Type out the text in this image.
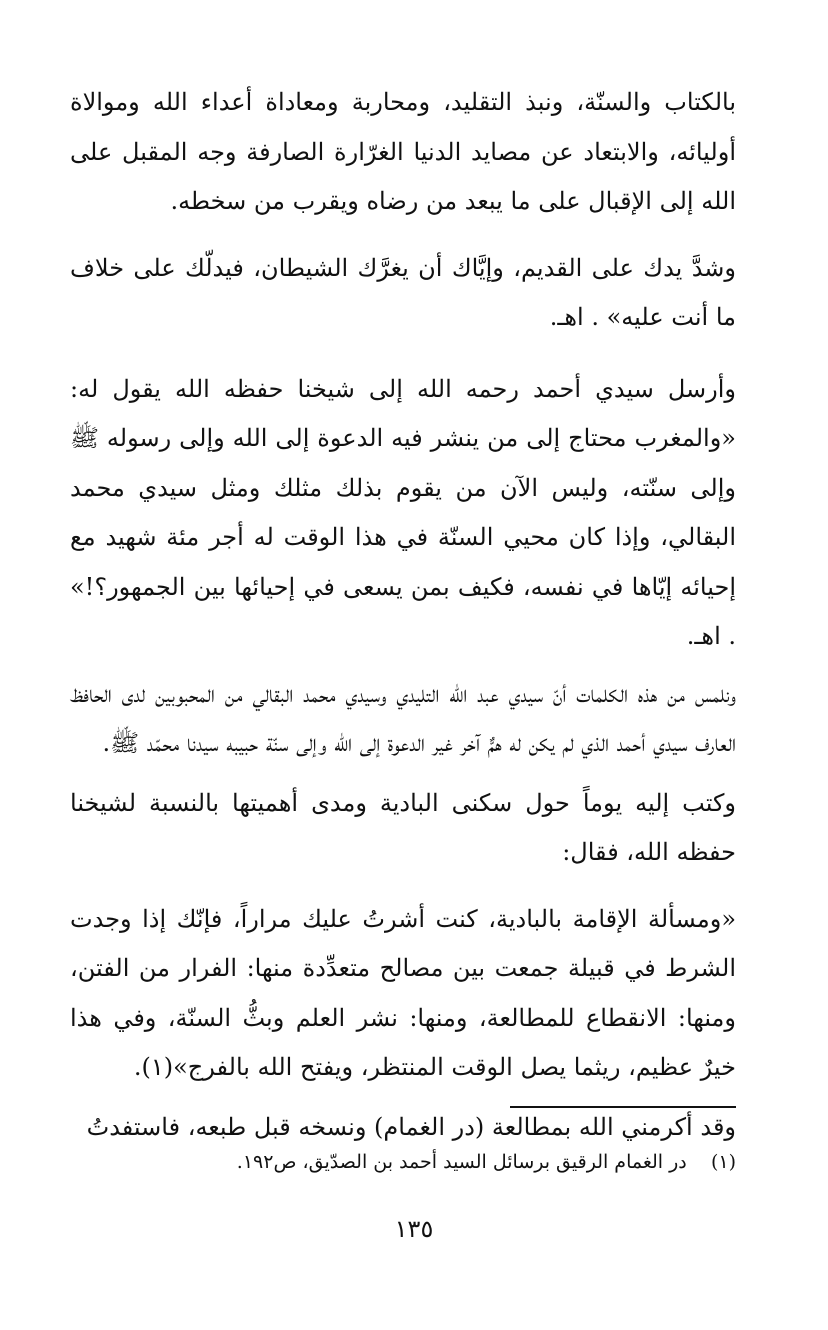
بالكتاب والسنّة، ونبذ التقليد، ومحاربة ومعاداة أعداء الله وموالاة أوليائه، والابتعاد عن مصايد الدنيا الغرّارة الصارفة وجه المقبل على الله إلى الإقبال على ما يبعد من رضاه ويقرب من سخطه.

وشدَّ يدك على القديم، وإيَّاك أن يغرَّك الشيطان، فيدلّك على خلاف ما أنت عليه» . اهـ.

وأرسل سيدي أحمد رحمه الله إلى شيخنا حفظه الله يقول له: «والمغرب محتاج إلى من ينشر فيه الدعوة إلى الله وإلى رسوله ﷺ وإلى سنّته، وليس الآن من يقوم بذلك مثلك ومثل سيدي محمد البقالي، وإذا كان محيي السنّة في هذا الوقت له أجر مئة شهيد مع إحيائه إيّاها في نفسه، فكيف بمن يسعى في إحيائها بين الجمهور؟!» . اهـ.

ونلمس من هذه الكلمات أنّ سيدي عبد الله التليدي وسيدي محمد البقالي من المحبوبين لدى الحافظ العارف سيدي أحمد الذي لم يكن له همٌّ آخر غير الدعوة إلى الله وإلى سنّة حبيبه سيدنا محمّد ﷺ.

وكتب إليه يوماً حول سكنى البادية ومدى أهميتها بالنسبة لشيخنا حفظه الله، فقال:

«ومسألة الإقامة بالبادية، كنت أشرتُ عليك مراراً، فإنّك إذا وجدت الشرط في قبيلة جمعت بين مصالح متعدِّدة منها: الفرار من الفتن، ومنها: الانقطاع للمطالعة، ومنها: نشر العلم وبثُّ السنّة، وفي هذا خيرٌ عظيم، ريثما يصل الوقت المنتظر، ويفتح الله بالفرج»(١).

وقد أكرمني الله بمطالعة (در الغمام) ونسخه قبل طبعه، فاستفدتُ

(١)    در الغمام الرقيق برسائل السيد أحمد بن الصدّيق، ص١٩٢.

١٣٥
